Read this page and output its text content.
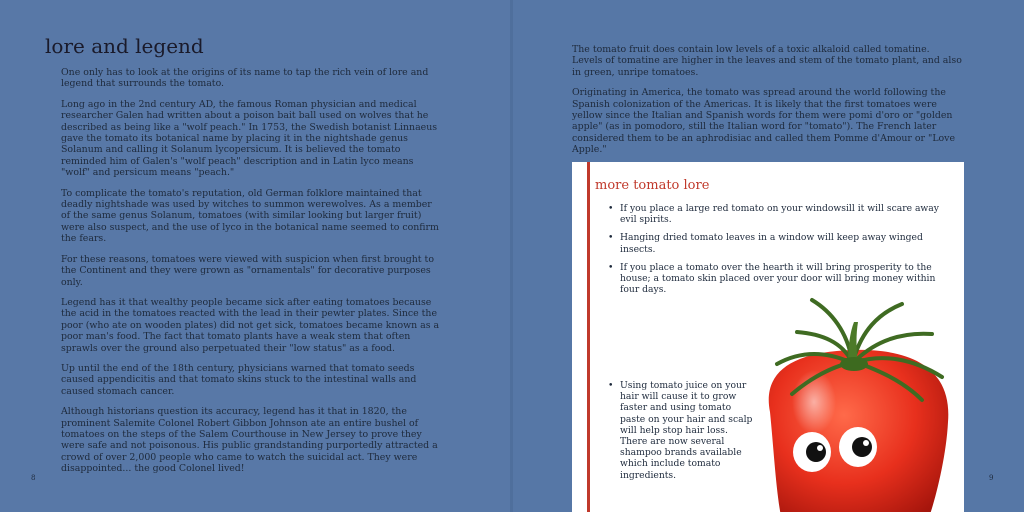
lore and legend

One only has to look at the origins of its name to tap the rich vein of lore and legend that surrounds the tomato.

Long ago in the 2nd century AD, the famous Roman physician and medical researcher Galen had written about a poison bait ball used on wolves that he described as being like a "wolf peach." In 1753, the Swedish botanist Linnaeus gave the tomato its botanical name by placing it in the nightshade genus Solanum and calling it Solanum lycopersicum. It is believed the tomato reminded him of Galen's "wolf peach" description and in Latin lyco means "wolf" and persicum means "peach."

To complicate the tomato's reputation, old German folklore maintained that deadly nightshade was used by witches to summon werewolves. As a member of the same genus Solanum, tomatoes (with similar looking but larger fruit) were also suspect, and the use of lyco in the botanical name seemed to confirm the fears.

For these reasons, tomatoes were viewed with suspicion when first brought to the Continent and they were grown as "ornamentals" for decorative purposes only.

Legend has it that wealthy people became sick after eating tomatoes because the acid in the tomatoes reacted with the lead in their pewter plates. Since the poor (who ate on wooden plates) did not get sick, tomatoes became known as a poor man's food. The fact that tomato plants have a weak stem that often sprawls over the ground also perpetuated their "low status" as a food.

Up until the end of the 18th century, physicians warned that tomato seeds caused appendicitis and that tomato skins stuck to the intestinal walls and caused stomach cancer.

Although historians question its accuracy, legend has it that in 1820, the prominent Salemite Colonel Robert Gibbon Johnson ate an entire bushel of tomatoes on the steps of the Salem Courthouse in New Jersey to prove they were safe and not poisonous. His public grandstanding purportedly attracted a crowd of over 2,000 people who came to watch the suicidal act. They were disappointed... the good Colonel lived!

8

The tomato fruit does contain low levels of a toxic alkaloid called tomatine. Levels of tomatine are higher in the leaves and stem of the tomato plant, and also in green, unripe tomatoes.

Originating in America, the tomato was spread around the world following the Spanish colonization of the Americas. It is likely that the first tomatoes were yellow since the Italian and Spanish words for them were pomi d'oro or "golden apple" (as in pomodoro, still the Italian word for "tomato"). The French later considered them to be an aphrodisiac and called them Pomme d'Amour or "Love Apple."

more tomato lore
• If you place a large red tomato on your windowsill it will scare away evil spirits.
• Hanging dried tomato leaves in a window will keep away winged insects.
• If you place a tomato over the hearth it will bring prosperity to the house; a tomato skin placed over your door will bring money within four days.
• Using tomato juice on your hair will cause it to grow faster and using tomato paste on your hair and scalp will help stop hair loss. There are now several shampoo brands available which include tomato ingredients.	9
